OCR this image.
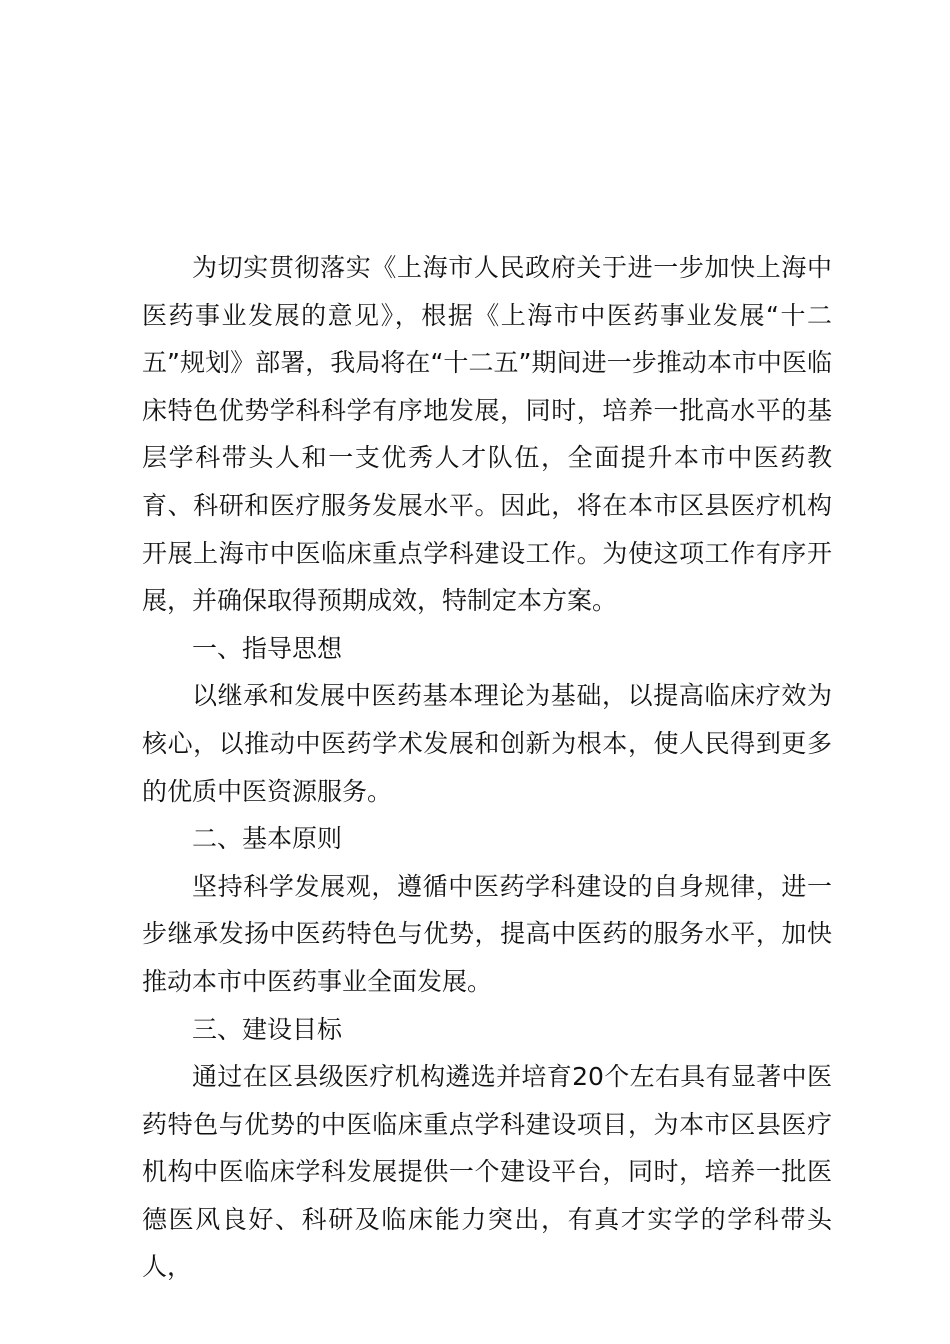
为切实贯彻落实《上海市人民政府关于进一步加快上海中医药事业发展的意见》，根据《上海市中医药事业发展“十二五”规划》部署，我局将在“十二五”期间进一步推动本市中医临床特色优势学科科学有序地发展，同时，培养一批高水平的基层学科带头人和一支优秀人才队伍，全面提升本市中医药教育、科研和医疗服务发展水平。因此，将在本市区县医疗机构开展上海市中医临床重点学科建设工作。为使这项工作有序开展，并确保取得预期成效，特制定本方案。

一、指导思想

以继承和发展中医药基本理论为基础，以提高临床疗效为核心，以推动中医药学术发展和创新为根本，使人民得到更多的优质中医资源服务。

二、基本原则

坚持科学发展观，遵循中医药学科建设的自身规律，进一步继承发扬中医药特色与优势，提高中医药的服务水平，加快推动本市中医药事业全面发展。

三、建设目标

通过在区县级医疗机构遴选并培育20个左右具有显著中医药特色与优势的中医临床重点学科建设项目，为本市区县医疗机构中医临床学科发展提供一个建设平台，同时，培养一批医德医风良好、科研及临床能力突出，有真才实学的学科带头人，
